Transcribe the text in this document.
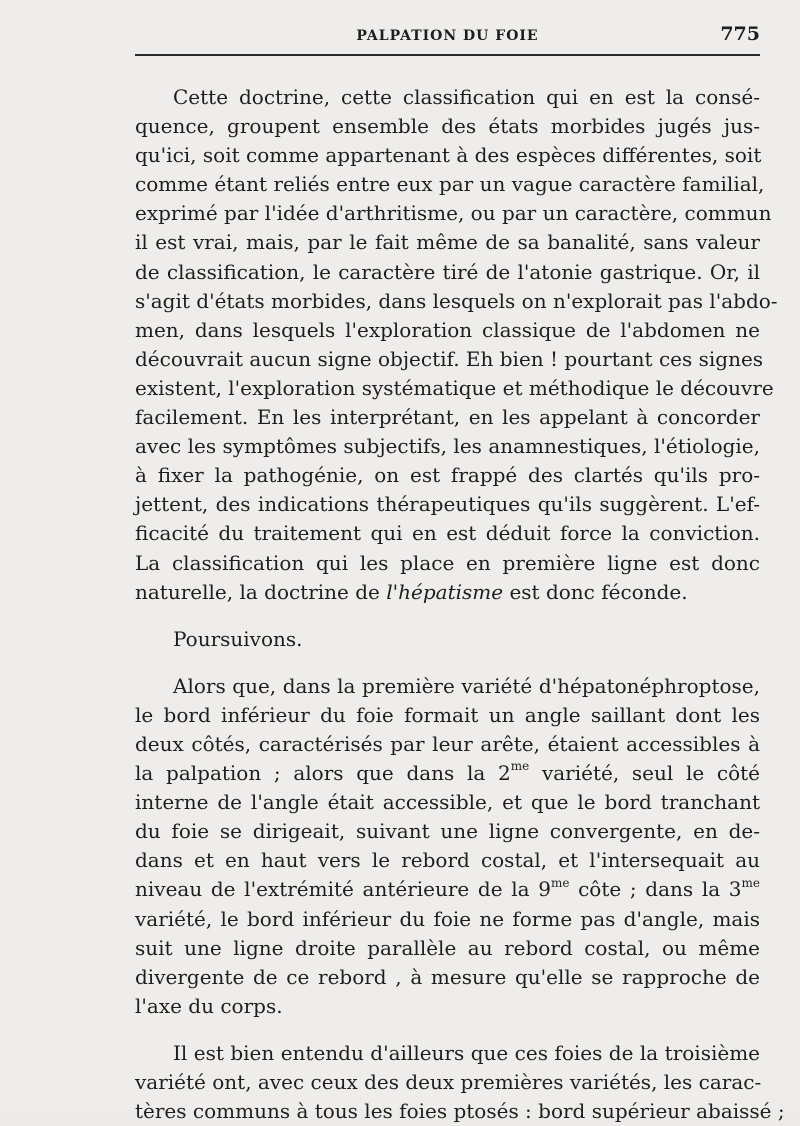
PALPATION DU FOIE	775
Cette doctrine, cette classification qui en est la consé-
quence, groupent ensemble des états morbides jugés jus-
qu'ici, soit comme appartenant à des espèces différentes, soit
comme étant reliés entre eux par un vague caractère familial,
exprimé par l'idée d'arthritisme, ou par un caractère, commun
il est vrai, mais, par le fait même de sa banalité, sans valeur
de classification, le caractère tiré de l'atonie gastrique. Or, il
s'agit d'états morbides, dans lesquels on n'explorait pas l'abdo-
men, dans lesquels l'exploration classique de l'abdomen ne
découvrait aucun signe objectif. Eh bien ! pourtant ces signes
existent, l'exploration systématique et méthodique le découvre
facilement. En les interprétant, en les appelant à concorder
avec les symptômes subjectifs, les anamnestiques, l'étiologie,
à fixer la pathogénie, on est frappé des clartés qu'ils pro-
jettent, des indications thérapeutiques qu'ils suggèrent. L'ef-
ficacité du traitement qui en est déduit force la conviction.
La classification qui les place en première ligne est donc
naturelle, la doctrine de l'hépatisme est donc féconde.
Poursuivons.
Alors que, dans la première variété d'hépatonéphroptose,
le bord inférieur du foie formait un angle saillant dont les
deux côtés, caractérisés par leur arête, étaient accessibles à
la palpation ; alors que dans la $2^{me}$ variété, seul le côté
interne de l'angle était accessible, et que le bord tranchant
du foie se dirigeait, suivant une ligne convergente, en de-
dans et en haut vers le rebord costal, et l'intersequait au
niveau de l'extrémité antérieure de la $9^{me}$ côte ; dans la $3^{me}$
variété, le bord inférieur du foie ne forme pas d'angle, mais
suit une ligne droite parallèle au rebord costal, ou même
divergente de ce rebord , à mesure qu'elle se rapproche de
l'axe du corps.
Il est bien entendu d'ailleurs que ces foies de la troisième
variété ont, avec ceux des deux premières variétés, les carac-
tères communs à tous les foies ptosés : bord supérieur abaissé ;
